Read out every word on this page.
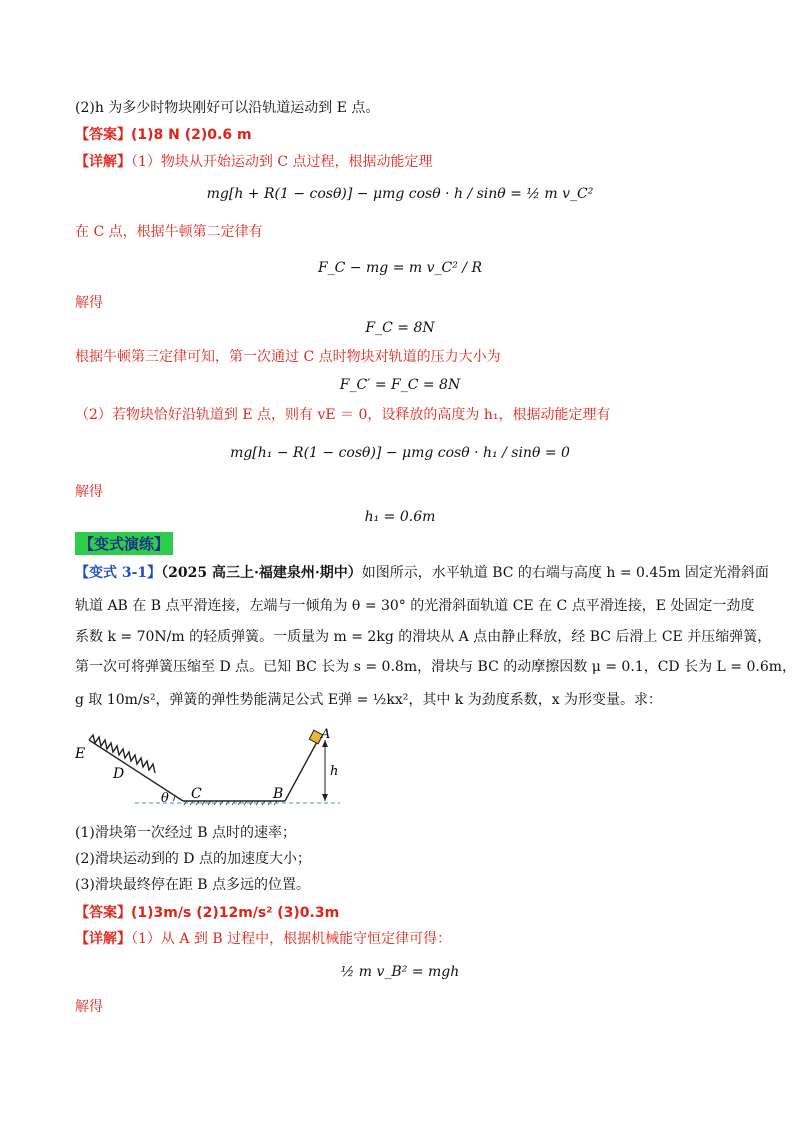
(2)h 为多少时物块刚好可以沿轨道运动到 E 点。
【答案】(1)8 N (2)0.6 m
【详解】（1）物块从开始运动到 C 点过程，根据动能定理
mg[h + R(1 − cosθ)] − μmg cosθ · h / sinθ = ½ m v_C²
在 C 点，根据牛顿第二定律有
F_C − mg = m v_C² / R
解得
F_C = 8N
根据牛顿第三定律可知，第一次通过 C 点时物块对轨道的压力大小为
F_C′ = F_C = 8N
（2）若物块恰好沿轨道到 E 点，则有 vE ＝ 0，设释放的高度为 h₁，根据动能定理有
mg[h₁ − R(1 − cosθ)] − μmg cosθ · h₁ / sinθ = 0
解得
h₁ = 0.6m
【变式演练】
【变式 3-1】（2025 高三上·福建泉州·期中）如图所示，水平轨道 BC 的右端与高度 h = 0.45m 固定光滑斜面
轨道 AB 在 B 点平滑连接，左端与一倾角为 θ = 30° 的光滑斜面轨道 CE 在 C 点平滑连接，E 处固定一劲度
系数 k = 70N/m 的轻质弹簧。一质量为 m = 2kg 的滑块从 A 点由静止释放，经 BC 后滑上 CE 并压缩弹簧，
第一次可将弹簧压缩至 D 点。已知 BC 长为 s = 0.8m，滑块与 BC 的动摩擦因数 μ = 0.1，CD 长为 L = 0.6m，
g 取 10m/s²，弹簧的弹性势能满足公式 E弹 = ½kx²，其中 k 为劲度系数，x 为形变量。求：
E
D
θ C	B
A
h
(1)滑块第一次经过 B 点时的速率；
(2)滑块运动到的 D 点的加速度大小；
(3)滑块最终停在距 B 点多远的位置。
【答案】(1)3m/s (2)12m/s² (3)0.3m
【详解】（1）从 A 到 B 过程中，根据机械能守恒定律可得：
½ m v_B² = mgh
解得
